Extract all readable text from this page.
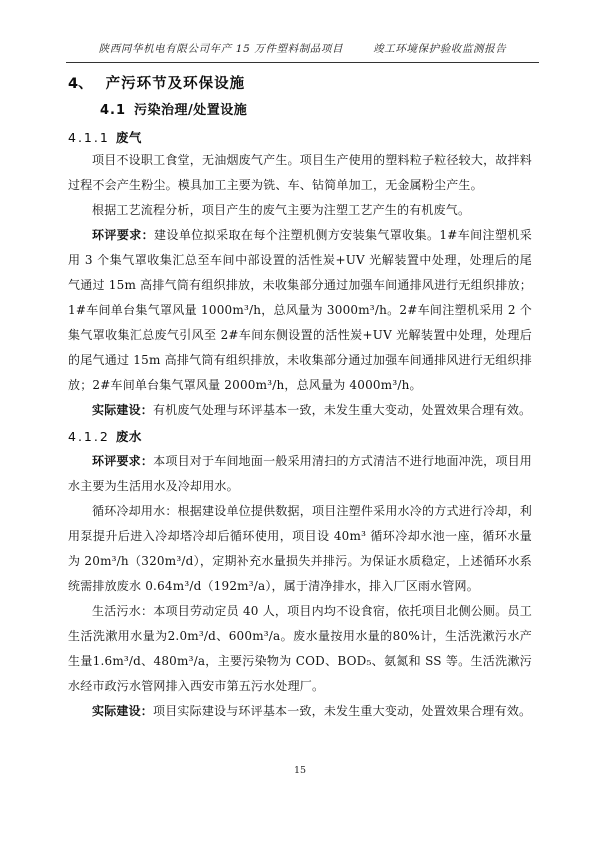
陕西同华机电有限公司年产 15 万件塑料制品项目	竣工环境保护验收监测报告
4、 产污环节及环保设施
4.1 污染治理/处置设施
4.1.1 废气

项目不设职工食堂，无油烟废气产生。项目生产使用的塑料粒子粒径较大，故拌料过程不会产生粉尘。模具加工主要为铣、车、钻简单加工，无金属粉尘产生。

根据工艺流程分析，项目产生的废气主要为注塑工艺产生的有机废气。

环评要求：建设单位拟采取在每个注塑机侧方安装集气罩收集。1#车间注塑机采用 3 个集气罩收集汇总至车间中部设置的活性炭+UV 光解装置中处理，处理后的尾气通过 15m 高排气筒有组织排放，未收集部分通过加强车间通排风进行无组织排放；1#车间单台集气罩风量 1000m³/h，总风量为 3000m³/h。2#车间注塑机采用 2 个集气罩收集汇总废气引风至 2#车间东侧设置的活性炭+UV 光解装置中处理，处理后的尾气通过 15m 高排气筒有组织排放，未收集部分通过加强车间通排风进行无组织排放；2#车间单台集气罩风量 2000m³/h，总风量为 4000m³/h。

实际建设：有机废气处理与环评基本一致，未发生重大变动，处置效果合理有效。

4.1.2 废水

环评要求：本项目对于车间地面一般采用清扫的方式清洁不进行地面冲洗，项目用水主要为生活用水及冷却用水。

循环冷却用水：根据建设单位提供数据，项目注塑件采用水冷的方式进行冷却，利用泵提升后进入冷却塔冷却后循环使用，项目设 40m³ 循环冷却水池一座，循环水量为 20m³/h（320m³/d），定期补充水量损失并排污。为保证水质稳定，上述循环水系统需排放废水 0.64m³/d（192m³/a），属于清净排水，排入厂区雨水管网。

生活污水：本项目劳动定员 40 人，项目内均不设食宿，依托项目北侧公厕。员工生活洗漱用水量为2.0m³/d、600m³/a。废水量按用水量的80%计，生活洗漱污水产生量1.6m³/d、480m³/a，主要污染物为 COD、BOD₅、氨氮和 SS 等。生活洗漱污水经市政污水管网排入西安市第五污水处理厂。

实际建设：项目实际建设与环评基本一致，未发生重大变动，处置效果合理有效。

15
